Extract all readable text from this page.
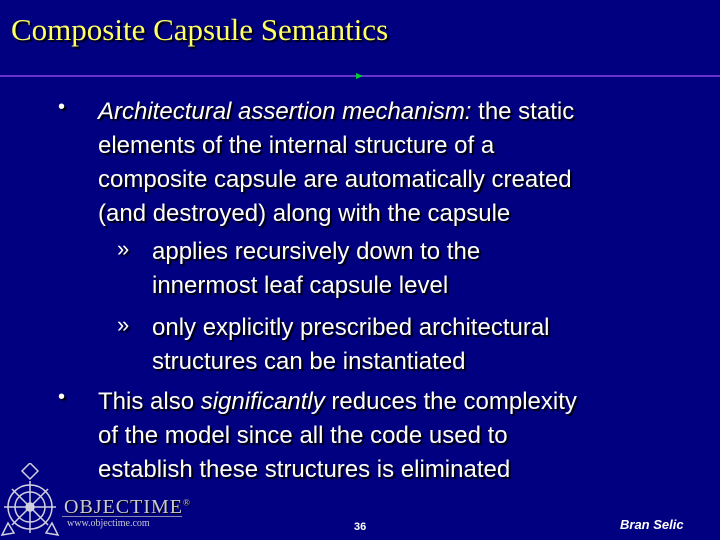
Composite Capsule Semantics
• Architectural assertion mechanism: the static
elements of the internal structure of a
composite capsule are automatically created
(and destroyed) along with the capsule
» applies recursively down to the
innermost leaf capsule level
» only explicitly prescribed architectural
structures can be instantiated
• This also significantly reduces the complexity
of the model since all the code used to
establish these structures is eliminated
OBJECTIME®
www.objectime.com	36	Bran Selic
